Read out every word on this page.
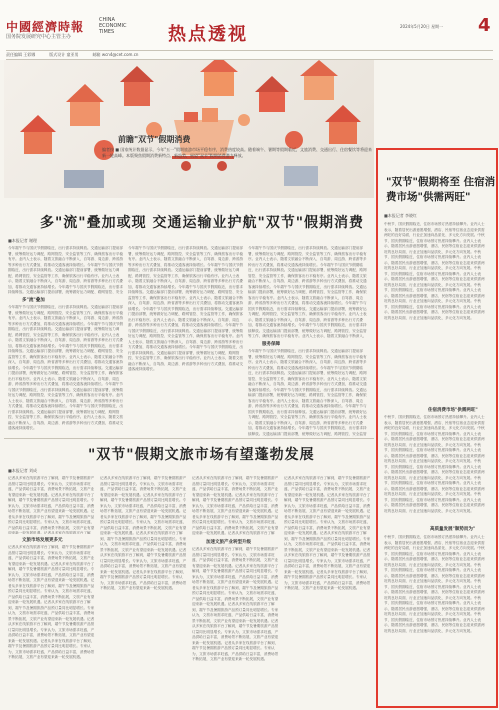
中國經濟時報	CHINA ECONOMIC TIMES
国务院发展研究中心主管主办	热点透视	2024年5月20日 星期一 4
责任编辑 王彩娜	版式设计 童亚男	邮箱 wcn4@cet.com.cn
前瞻"双节"假期消费
编者按 ■ 国家统计数据显示，今年"五一"假期旅游市场平稳有序，消费热度较高。随着端午、暑期等假期临近，文旅消费、交通出行、住宿餐饮等将迎来新一轮高峰。本版聚焦假期消费新特点、新趋势，展望"双节"假期消费潜力释放。
多"流"叠加或现 交通运输业护航"双节"假期消费
■本报记者 谢理
今年端午节与国庆节假期临近，出行需求持续释放。交通运输部门提前部署，统筹做好运力调配、路网管控、安全监管等工作，确保旅客出行平稳有序。业内人士表示，随着文旅融合不断深入，自驾游、周边游、跨省游等多种出行方式叠加，将推动交通客流持续增长。今年端午节与国庆节假期临近，出行需求持续释放。交通运输部门提前部署，统筹做好运力调配、路网管控、安全监管等工作，确保旅客出行平稳有序。业内人士表示，随着文旅融合不断深入，自驾游、周边游、跨省游等多种出行方式叠加，将推动交通客流持续增长。今年端午节与国庆节假期临近，出行需求持续释放。交通运输部门提前部署，统筹做好运力调配、路网管控、安全
多"流"叠加
今年端午节与国庆节假期临近，出行需求持续释放。交通运输部门提前部署，统筹做好运力调配、路网管控、安全监管等工作，确保旅客出行平稳有序。业内人士表示，随着文旅融合不断深入，自驾游、周边游、跨省游等多种出行方式叠加，将推动交通客流持续增长。今年端午节与国庆节假期临近，出行需求持续释放。交通运输部门提前部署，统筹做好运力调配、路网管控、安全监管等工作，确保旅客出行平稳有序。业内人士表示，随着文旅融合不断深入，自驾游、周边游、跨省游等多种出行方式叠加，将推动交通客流持续增长。今年端午节与国庆节假期临近，出行需求持续释放。交通运输部门提前部署，统筹做好运力调配、路网管控、安全监管等工作，确保旅客出行平稳有序。业内人士表示，随着文旅融合不断深入，自驾游、周边游、跨省游等多种出行方式叠加，将推动交通客流持续增长。今年端午节与国庆节假期临近，出行需求持续释放。交通运输部门提前部署，统筹做好运力调配、路网管控、安全监管等工作，确保旅客出行平稳有序。业内人士表示，随着文旅融合不断深入，自驾游、周边游、跨省游等多种出行方式叠加，将推动交通客流持续增长。今年端午节与国庆节假期临近，出行需求持续释放。交通运输部门提前部署，统筹做好运力调配、路网管控、安全监管等工作，确保旅客出行平稳有序。业内人士表示，随着文旅融合不断深入，自驾游、周边游、跨省游等多种出行方式叠加，将推动交通客流持续增长。今年端午节与国庆节假期临近，出行需求持续释放。交通运输部门提前部署，统筹做好运力调配、路网管控、安全监管等工作，确保旅客出行平稳有序。业内人士表示，随着文旅融合不断深入，自驾游、周边游、跨省游等多种出行方式叠加，将推动交通客流持续增长。
今年端午节与国庆节假期临近，出行需求持续释放。交通运输部门提前部署，统筹做好运力调配、路网管控、安全监管等工作，确保旅客出行平稳有序。业内人士表示，随着文旅融合不断深入，自驾游、周边游、跨省游等多种出行方式叠加，将推动交通客流持续增长。今年端午节与国庆节假期临近，出行需求持续释放。交通运输部门提前部署，统筹做好运力调配、路网管控、安全监管等工作，确保旅客出行平稳有序。业内人士表示，随着文旅融合不断深入，自驾游、周边游、跨省游等多种出行方式叠加，将推动交通客流持续增长。今年端午节与国庆节假期临近，出行需求持续释放。交通运输部门提前部署，统筹做好运力调配、路网管控、安全监管等工作，确保旅客出行平稳有序。业内人士表示，随着文旅融合不断深入，自驾游、周边游、跨省游等多种出行方式叠加，将推动交通客流持续增长。今年端午节与国庆节假期临近，出行需求持续释放。交通运输部门提前部署，统筹做好运力调配、路网管控、安全监管等工作，确保旅客出行平稳有序。业内人士表示，随着文旅融合不断深入，自驾游、周边游、跨省游等多种出行方式叠加，将推动交通客流持续增长。今年端午节与国庆节假期临近，出行需求持续释放。交通运输部门提前部署，统筹做好运力调配、路网管控、安全监管等工作，确保旅客出行平稳有序。业内人士表示，随着文旅融合不断深入，自驾游、周边游、跨省游等多种出行方式叠加，将推动交通客流持续增长。今年端午节与国庆节假期临近，出行需求持续释放。交通运输部门提前部署，统筹做好运力调配、路网管控、安全监管等工作，确保旅客出行平稳有序。业内人士表示，随着文旅融合不断深入，自驾游、周边游、跨省游等多种出行方式叠加，将推动交通客流持续增长。
今年端午节与国庆节假期临近，出行需求持续释放。交通运输部门提前部署，统筹做好运力调配、路网管控、安全监管等工作，确保旅客出行平稳有序。业内人士表示，随着文旅融合不断深入，自驾游、周边游、跨省游等多种出行方式叠加，将推动交通客流持续增长。今年端午节与国庆节假期临近，出行需求持续释放。交通运输部门提前部署，统筹做好运力调配、路网管控、安全监管等工作，确保旅客出行平稳有序。业内人士表示，随着文旅融合不断深入，自驾游、周边游、跨省游等多种出行方式叠加，将推动交通客流持续增长。今年端午节与国庆节假期临近，出行需求持续释放。交通运输部门提前部署，统筹做好运力调配、路网管控、安全监管等工作，确保旅客出行平稳有序。业内人士表示，随着文旅融合不断深入，自驾游、周边游、跨省游等多种出行方式叠加，将推动交通客流持续增长。今年端午节与国庆节假期临近，出行需求持续释放。交通运输部门提前部署，统筹做好运力调配、路网管控、安全监管等工作，确保旅客出行平稳有序。业内人士表示，随着文旅融合不断深入，自驾游、周边游、跨省游等多种出行方式叠加，将推动交通客流持续增长。今年端午节与国庆节假期临近，出行需求持续释放。交通运输部门提前部署，统筹做好运力调配、路网管控、安全监管等工作，确保旅客出行平稳有序。业内人士表示，随着文旅融合不断深入，
服务保障
今年端午节与国庆节假期临近，出行需求持续释放。交通运输部门提前部署，统筹做好运力调配、路网管控、安全监管等工作，确保旅客出行平稳有序。业内人士表示，随着文旅融合不断深入，自驾游、周边游、跨省游等多种出行方式叠加，将推动交通客流持续增长。今年端午节与国庆节假期临近，出行需求持续释放。交通运输部门提前部署，统筹做好运力调配、路网管控、安全监管等工作，确保旅客出行平稳有序。业内人士表示，随着文旅融合不断深入，自驾游、周边游、跨省游等多种出行方式叠加，将推动交通客流持续增长。今年端午节与国庆节假期临近，出行需求持续释放。交通运输部门提前部署，统筹做好运力调配、路网管控、安全监管等工作，确保旅客出行平稳有序。业内人士表示，随着文旅融合不断深入，自驾游、周边游、跨省游等多种出行方式叠加，将推动交通客流持续增长。今年端午节与国庆节假期临近，出行需求持续释放。交通运输部门提前部署，统筹做好运力调配、路网管控、安全监管等工作，确保旅客出行平稳有序。业内人士表示，随着文旅融合不断深入，自驾游、周边游、跨省游等多种出行方式叠加，将推动交通客流持续增长。今年端午节与国庆节假期临近，出行需求持续释放。交通运输部门提前部署，统筹做好运力调配、路网管控、安全监管
"双节"假期文旅市场有望蓬勃发展
■本报记者 刘成
记者从多家在线旅游平台了解到，端午节及暑期旅游产品预订量同比明显增长。专家认为，文旅市场需求旺盛，产品供给日益丰富，消费场景不断拓展，文旅产业有望迎来新一轮发展机遇。记者从多家在线旅游平台了解到，端午节及暑期旅游产品预订量同比明显增长。专家认为，文旅市场需求旺盛，产品供给日益丰富，消费场景不断拓展，文旅产业有望迎来新一轮发展机遇。记者从多家在线旅游平台了解到，端午节及暑期旅游产品预订量同比明显增长。专家认为，文旅市场需求旺盛，产品供给日益丰富，消费场景不断拓展，文旅产业有望迎来新一轮发展机遇。记者从多家在线旅游平台了解
文旅市场发展更多元
记者从多家在线旅游平台了解到，端午节及暑期旅游产品预订量同比明显增长。专家认为，文旅市场需求旺盛，产品供给日益丰富，消费场景不断拓展，文旅产业有望迎来新一轮发展机遇。记者从多家在线旅游平台了解到，端午节及暑期旅游产品预订量同比明显增长。专家认为，文旅市场需求旺盛，产品供给日益丰富，消费场景不断拓展，文旅产业有望迎来新一轮发展机遇。记者从多家在线旅游平台了解到，端午节及暑期旅游产品预订量同比明显增长。专家认为，文旅市场需求旺盛，产品供给日益丰富，消费场景不断拓展，文旅产业有望迎来新一轮发展机遇。记者从多家在线旅游平台了解到，端午节及暑期旅游产品预订量同比明显增长。专家认为，文旅市场需求旺盛，产品供给日益丰富，消费场景不断拓展，文旅产业有望迎来新一轮发展机遇。记者从多家在线旅游平台了解到，端午节及暑期旅游产品预订量同比明显增长。专家认为，文旅市场需求旺盛，产品供给日益丰富，消费场景不断拓展，文旅产业有望迎来新一轮发展机遇。记者从多家在线旅游平台了解到，端午节及暑期旅游产品预订量同比明显增长。专家认为，文旅市场需求旺盛，产品供给日益丰富，消费场景不断拓展，文旅产业有望迎来新一轮发展机遇。
记者从多家在线旅游平台了解到，端午节及暑期旅游产品预订量同比明显增长。专家认为，文旅市场需求旺盛，产品供给日益丰富，消费场景不断拓展，文旅产业有望迎来新一轮发展机遇。记者从多家在线旅游平台了解到，端午节及暑期旅游产品预订量同比明显增长。专家认为，文旅市场需求旺盛，产品供给日益丰富，消费场景不断拓展，文旅产业有望迎来新一轮发展机遇。记者从多家在线旅游平台了解到，端午节及暑期旅游产品预订量同比明显增长。专家认为，文旅市场需求旺盛，产品供给日益丰富，消费场景不断拓展，文旅产业有望迎来新一轮发展机遇。记者从多家在线旅游平台了解到，端午节及暑期旅游产品预订量同比明显增长。专家认为，文旅市场需求旺盛，产品供给日益丰富，消费场景不断拓展，文旅产业有望迎来新一轮发展机遇。记者从多家在线旅游平台了解到，端午节及暑期旅游产品预订量同比明显增长。专家认为，文旅市场需求旺盛，产品供给日益丰富，消费场景不断拓展，文旅产业有望迎来新一轮发展机遇。记者从多家在线旅游平台了解到，端午节及暑期旅游产品预订量同比明显增长。专家认为，文旅市场需求旺盛，产品供给日益丰富，消费场景不断拓展，文旅产业有望迎来新一轮发展机遇。
记者从多家在线旅游平台了解到，端午节及暑期旅游产品预订量同比明显增长。专家认为，文旅市场需求旺盛，产品供给日益丰富，消费场景不断拓展，文旅产业有望迎来新一轮发展机遇。记者从多家在线旅游平台了解到，端午节及暑期旅游产品预订量同比明显增长。专家认为，文旅市场需求旺盛，产品供给日益丰富，消费场景不断拓展，文旅产业有望迎来新一轮发展机遇。记者从多家在线旅游平台了解到，端午节及暑期旅游产品预订量同比明显增长。专家认为，文旅市场需求旺盛，产品供给日益丰富，消费场景不断拓展，文旅产业有望迎来新一轮发展机遇。记者从多家在线旅游平台了解
加速文旅产业转型升级
记者从多家在线旅游平台了解到，端午节及暑期旅游产品预订量同比明显增长。专家认为，文旅市场需求旺盛，产品供给日益丰富，消费场景不断拓展，文旅产业有望迎来新一轮发展机遇。记者从多家在线旅游平台了解到，端午节及暑期旅游产品预订量同比明显增长。专家认为，文旅市场需求旺盛，产品供给日益丰富，消费场景不断拓展，文旅产业有望迎来新一轮发展机遇。记者从多家在线旅游平台了解到，端午节及暑期旅游产品预订量同比明显增长。专家认为，文旅市场需求旺盛，产品供给日益丰富，消费场景不断拓展，文旅产业有望迎来新一轮发展机遇。记者从多家在线旅游平台了解到，端午节及暑期旅游产品预订量同比明显增长。专家认为，文旅市场需求旺盛，产品供给日益丰富，消费场景不断拓展，文旅产业有望迎来新一轮发展机遇。记者从多家在线旅游平台了解到，端午节及暑期旅游产品预订量同比明显增长。专家认为，文旅市场需求旺盛，产品供给日益丰富，消费场景不断拓展，文旅产业有望迎来新一轮发展机遇。记者从多家在线旅游平台了解到，端午节及暑期旅游产品预订量同比明显增长。专家认为，文旅市场需求旺盛，产品供给日益丰富，消费场景不断拓展，文旅产业有望迎来新一轮发展机遇。
记者从多家在线旅游平台了解到，端午节及暑期旅游产品预订量同比明显增长。专家认为，文旅市场需求旺盛，产品供给日益丰富，消费场景不断拓展，文旅产业有望迎来新一轮发展机遇。记者从多家在线旅游平台了解到，端午节及暑期旅游产品预订量同比明显增长。专家认为，文旅市场需求旺盛，产品供给日益丰富，消费场景不断拓展，文旅产业有望迎来新一轮发展机遇。记者从多家在线旅游平台了解到，端午节及暑期旅游产品预订量同比明显增长。专家认为，文旅市场需求旺盛，产品供给日益丰富，消费场景不断拓展，文旅产业有望迎来新一轮发展机遇。记者从多家在线旅游平台了解到，端午节及暑期旅游产品预订量同比明显增长。专家认为，文旅市场需求旺盛，产品供给日益丰富，消费场景不断拓展，文旅产业有望迎来新一轮发展机遇。记者从多家在线旅游平台了解到，端午节及暑期旅游产品预订量同比明显增长。专家认为，文旅市场需求旺盛，产品供给日益丰富，消费场景不断拓展，文旅产业有望迎来新一轮发展机遇。记者从多家在线旅游平台了解到，端午节及暑期旅游产品预订量同比明显增长。专家认为，文旅市场需求旺盛，产品供给日益丰富，消费场景不断拓展，文旅产业有望迎来新一轮发展机遇。
"双节"假期将至 住宿消费市场"供需两旺"
■本报记者 李晓红
中秋节、国庆假期临近，住宿市场预订热度持续攀升。业内人士表示，随着居民出游意愿增强，酒店、民宿等住宿业态迎来供需两旺的良好局面，行业正加速向品质化、多元化方向发展。中秋节、国庆假期临近，住宿市场预订热度持续攀升。业内人士表示，随着居民出游意愿增强，酒店、民宿等住宿业态迎来供需两旺的良好局面，行业正加速向品质化、多元化方向发展。中秋节、国庆假期临近，住宿市场预订热度持续攀升。业内人士表示，随着居民出游意愿增强，酒店、民宿等住宿业态迎来供需两旺的良好局面，行业正加速向品质化、多元化方向发展。中秋节、国庆假期临近，住宿市场预订热度持续攀升。业内人士表示，随着居民出游意愿增强，酒店、民宿等住宿业态迎来供需两旺的良好局面，行业正加速向品质化、多元化方向发展。中秋节、国庆假期临近，住宿市场预订热度持续攀升。业内人士表示，随着居民出游意愿增强，酒店、民宿等住宿业态迎来供需两旺的良好局面，行业正加速向品质化、多元化方向发展。中秋节、国庆假期临近，住宿市场预订热度持续攀升。业内人士表示，随着居民出游意愿增强，酒店、民宿等住宿业态迎来供需两旺的良好局面，行业正加速向品质化、多元化方向发展。
住宿消费市场"供需两旺"
中秋节、国庆假期临近，住宿市场预订热度持续攀升。业内人士表示，随着居民出游意愿增强，酒店、民宿等住宿业态迎来供需两旺的良好局面，行业正加速向品质化、多元化方向发展。中秋节、国庆假期临近，住宿市场预订热度持续攀升。业内人士表示，随着居民出游意愿增强，酒店、民宿等住宿业态迎来供需两旺的良好局面，行业正加速向品质化、多元化方向发展。中秋节、国庆假期临近，住宿市场预订热度持续攀升。业内人士表示，随着居民出游意愿增强，酒店、民宿等住宿业态迎来供需两旺的良好局面，行业正加速向品质化、多元化方向发展。中秋节、国庆假期临近，住宿市场预订热度持续攀升。业内人士表示，随着居民出游意愿增强，酒店、民宿等住宿业态迎来供需两旺的良好局面，行业正加速向品质化、多元化方向发展。中秋节、国庆假期临近，住宿市场预订热度持续攀升。业内人士表示，随着居民出游意愿增强，酒店、民宿等住宿业态迎来供需两旺的良好局面，行业正加速向品质化、多元化方向发展。中秋节、国庆假期临近，住宿市场预订热度持续攀升。业内人士表示，随着居民出游意愿增强，酒店、民宿等住宿业态迎来供需两旺的良好局面，行业正加速向品质化、多元化方向发展。
高质量发展"顺势而为"
中秋节、国庆假期临近，住宿市场预订热度持续攀升。业内人士表示，随着居民出游意愿增强，酒店、民宿等住宿业态迎来供需两旺的良好局面，行业正加速向品质化、多元化方向发展。中秋节、国庆假期临近，住宿市场预订热度持续攀升。业内人士表示，随着居民出游意愿增强，酒店、民宿等住宿业态迎来供需两旺的良好局面，行业正加速向品质化、多元化方向发展。中秋节、国庆假期临近，住宿市场预订热度持续攀升。业内人士表示，随着居民出游意愿增强，酒店、民宿等住宿业态迎来供需两旺的良好局面，行业正加速向品质化、多元化方向发展。中秋节、国庆假期临近，住宿市场预订热度持续攀升。业内人士表示，随着居民出游意愿增强，酒店、民宿等住宿业态迎来供需两旺的良好局面，行业正加速向品质化、多元化方向发展。中秋节、国庆假期临近，住宿市场预订热度持续攀升。业内人士表示，随着居民出游意愿增强，酒店、民宿等住宿业态迎来供需两旺的良好局面，行业正加速向品质化、多元化方向发展。中秋节、国庆假期临近，住宿市场预订热度持续攀升。业内人士表示，随着居民出游意愿增强，酒店、民宿等住宿业态迎来供需两旺的良好局面，行业正加速向品质化、多元化方向发展。
